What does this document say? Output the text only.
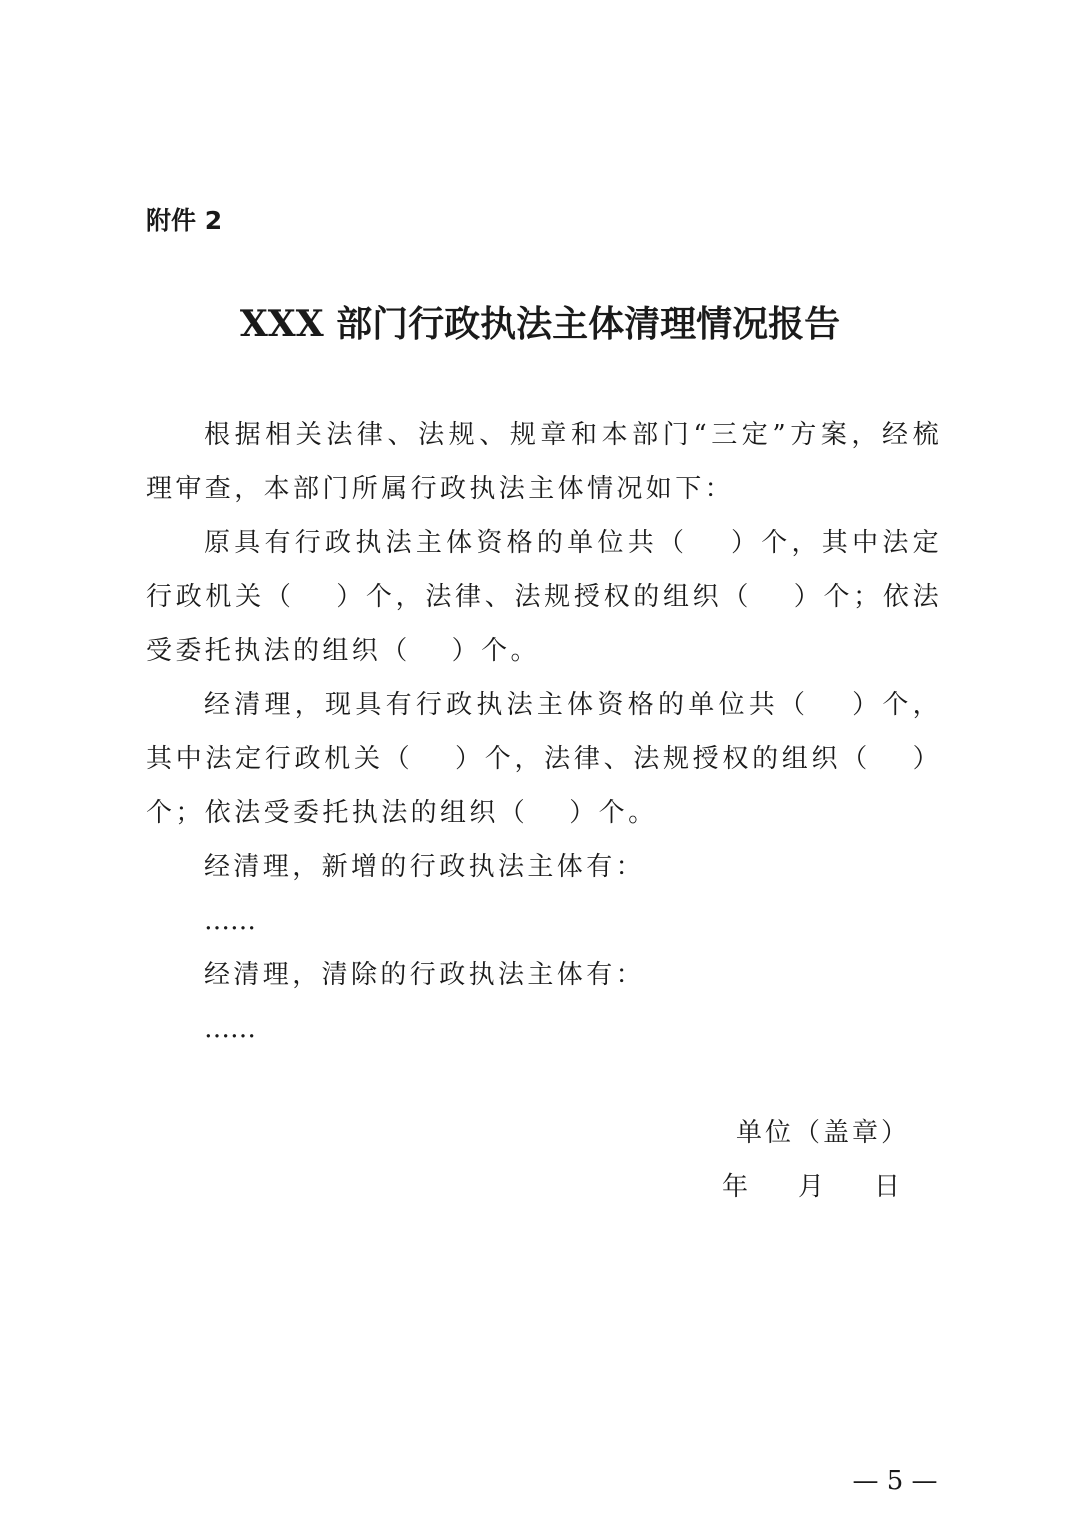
附件 2
XXX 部门行政执法主体清理情况报告

根据相关法律、法规、规章和本部门“三定”方案，经梳理审查，本部门所属行政执法主体情况如下：

原具有行政执法主体资格的单位共（　 ）个，其中法定行政机关（　 ）个，法律、法规授权的组织（　 ）个；依法受委托执法的组织（　 ）个。

经清理，现具有行政执法主体资格的单位共（　 ）个，其中法定行政机关（　 ）个，法律、法规授权的组织（　 ）个；依法受委托执法的组织（　 ）个。

经清理，新增的行政执法主体有：

……

经清理，清除的行政执法主体有：

……

单位（盖章）
年 月 日
— 5 —
